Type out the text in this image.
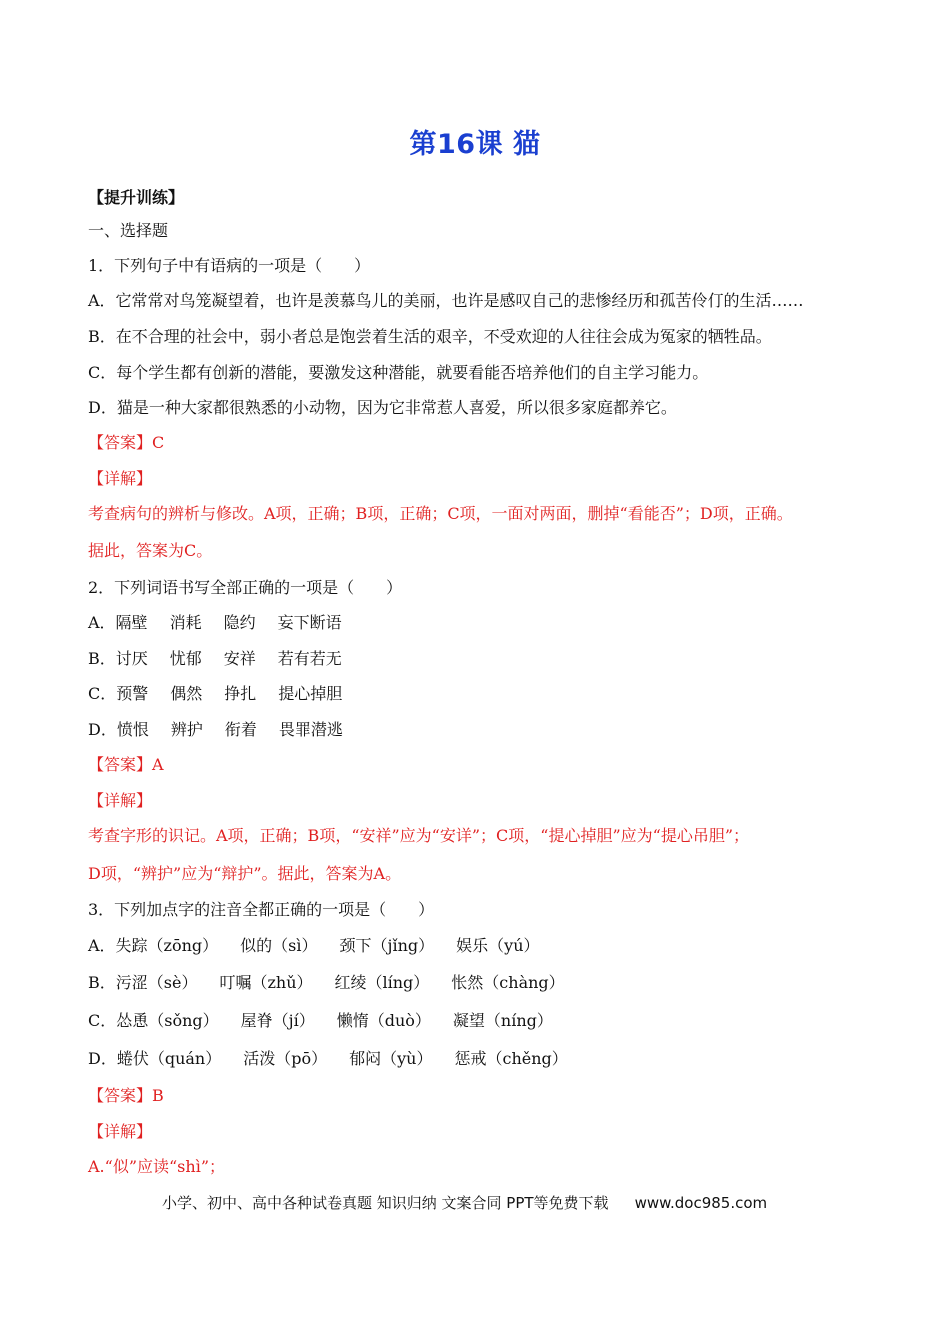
第16课 猫
【提升训练】
一、选择题
1．下列句子中有语病的一项是（　　）
A．它常常对鸟笼凝望着，也许是羡慕鸟儿的美丽，也许是感叹自己的悲惨经历和孤苦伶仃的生活……
B．在不合理的社会中，弱小者总是饱尝着生活的艰辛，不受欢迎的人往往会成为冤家的牺牲品。
C．每个学生都有创新的潜能，要激发这种潜能，就要看能否培养他们的自主学习能力。
D．猫是一种大家都很熟悉的小动物，因为它非常惹人喜爱，所以很多家庭都养它。
【答案】C
【详解】
考查病句的辨析与修改。A项，正确；B项，正确；C项，一面对两面，删掉“看能否”；D项，正确。
据此，答案为C。
2．下列词语书写全部正确的一项是（　　）
A．隔壁 消耗 隐约 妄下断语
B．讨厌 忧郁 安祥 若有若无
C．预警 偶然 挣扎 提心掉胆
D．愤恨 辨护 衔着 畏罪潜逃
【答案】A
【详解】
考查字形的识记。A项，正确；B项，“安祥”应为“安详”；C项，“提心掉胆”应为“提心吊胆”；
D项，“辨护”应为“辩护”。据此，答案为A。
3．下列加点字的注音全都正确的一项是（　　）
A．失踪（zōng） 似的（sì） 颈下（jǐng） 娱乐（yú）
B．污涩（sè） 叮嘱（zhǔ） 红绫（líng） 怅然（chàng）
C．怂恿（sǒng） 屋脊（jí） 懒惰（duò） 凝望（níng）
D．蜷伏（quán） 活泼（pō） 郁闷（yù） 惩戒（chěng）
【答案】B
【详解】
A.“似”应读“shì”；
小学、初中、高中各种试卷真题 知识归纳 文案合同 PPT等免费下载 www.doc985.com
